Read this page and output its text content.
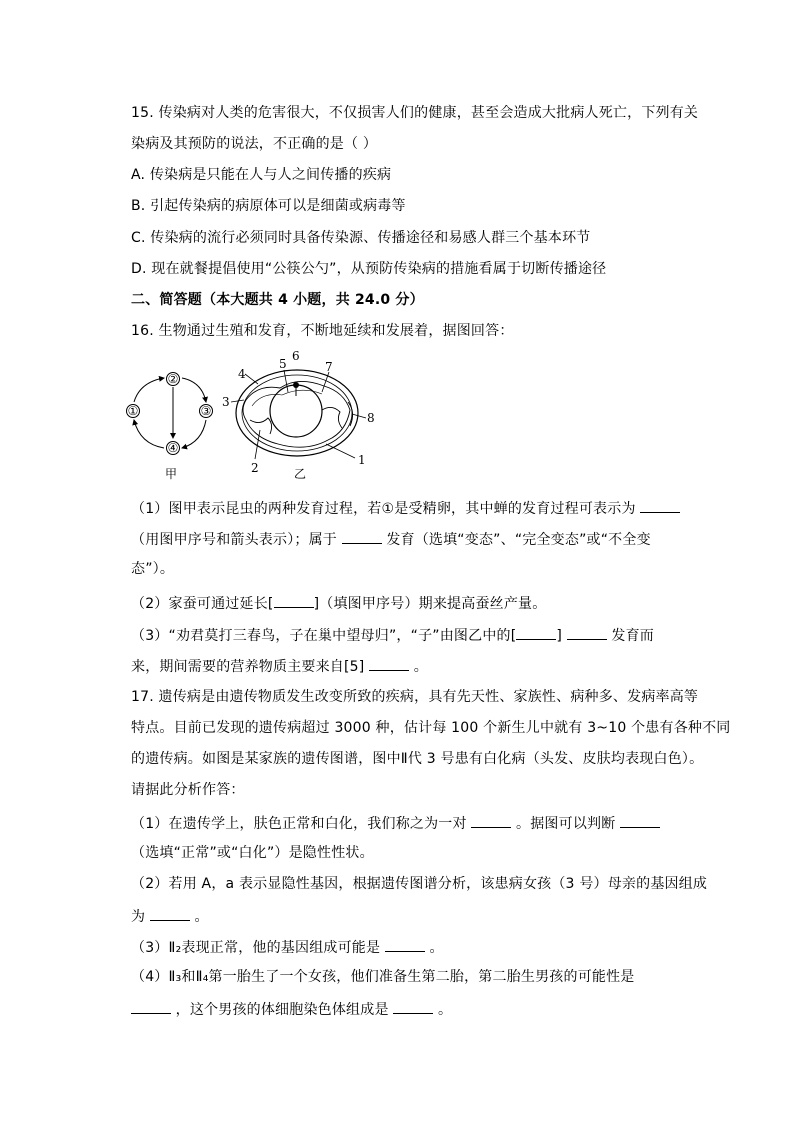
15. 传染病对人类的危害很大，不仅损害人们的健康，甚至会造成大批病人死亡，下列有关
染病及其预防的说法，不正确的是（ ）
A. 传染病是只能在人与人之间传播的疾病
B. 引起传染病的病原体可以是细菌或病毒等
C. 传染病的流行必须同时具备传染源、传播途径和易感人群三个基本环节
D. 现在就餐提倡使用“公筷公勺”，从预防传染病的措施看属于切断传播途径
二、简答题（本大题共 4 小题，共 24.0 分）
16. 生物通过生殖和发育，不断地延续和发展着，据图回答：
②
①	③
④
甲
4
3
5
6
7
8
1
2	乙
（1）图甲表示昆虫的两种发育过程，若①是受精卵，其中蝉的发育过程可表示为
（用图甲序号和箭头表示）；属于	发育（选填“变态”、“完全变态”或“不全变
态”）。
（2）家蚕可通过延长[	]（填图甲序号）期来提高蚕丝产量。
（3）“劝君莫打三春鸟，子在巢中望母归”，“子”由图乙中的[	]	发育而
来，期间需要的营养物质主要来自[5]	。
17. 遗传病是由遗传物质发生改变所致的疾病，具有先天性、家族性、病种多、发病率高等
特点。目前已发现的遗传病超过 3000 种，估计每 100 个新生儿中就有 3~10 个患有各种不同
的遗传病。如图是某家族的遗传图谱，图中Ⅱ代 3 号患有白化病（头发、皮肤均表现白色）。
请据此分析作答：
（1）在遗传学上，肤色正常和白化，我们称之为一对	。据图可以判断
（选填“正常”或“白化”）是隐性性状。
（2）若用 A，a 表示显隐性基因，根据遗传图谱分析，该患病女孩（3 号）母亲的基因组成
为	。
（3）Ⅱ₂表现正常，他的基因组成可能是	。
（4）Ⅱ₃和Ⅱ₄第一胎生了一个女孩，他们准备生第二胎，第二胎生男孩的可能性是
，这个男孩的体细胞染色体组成是	。
